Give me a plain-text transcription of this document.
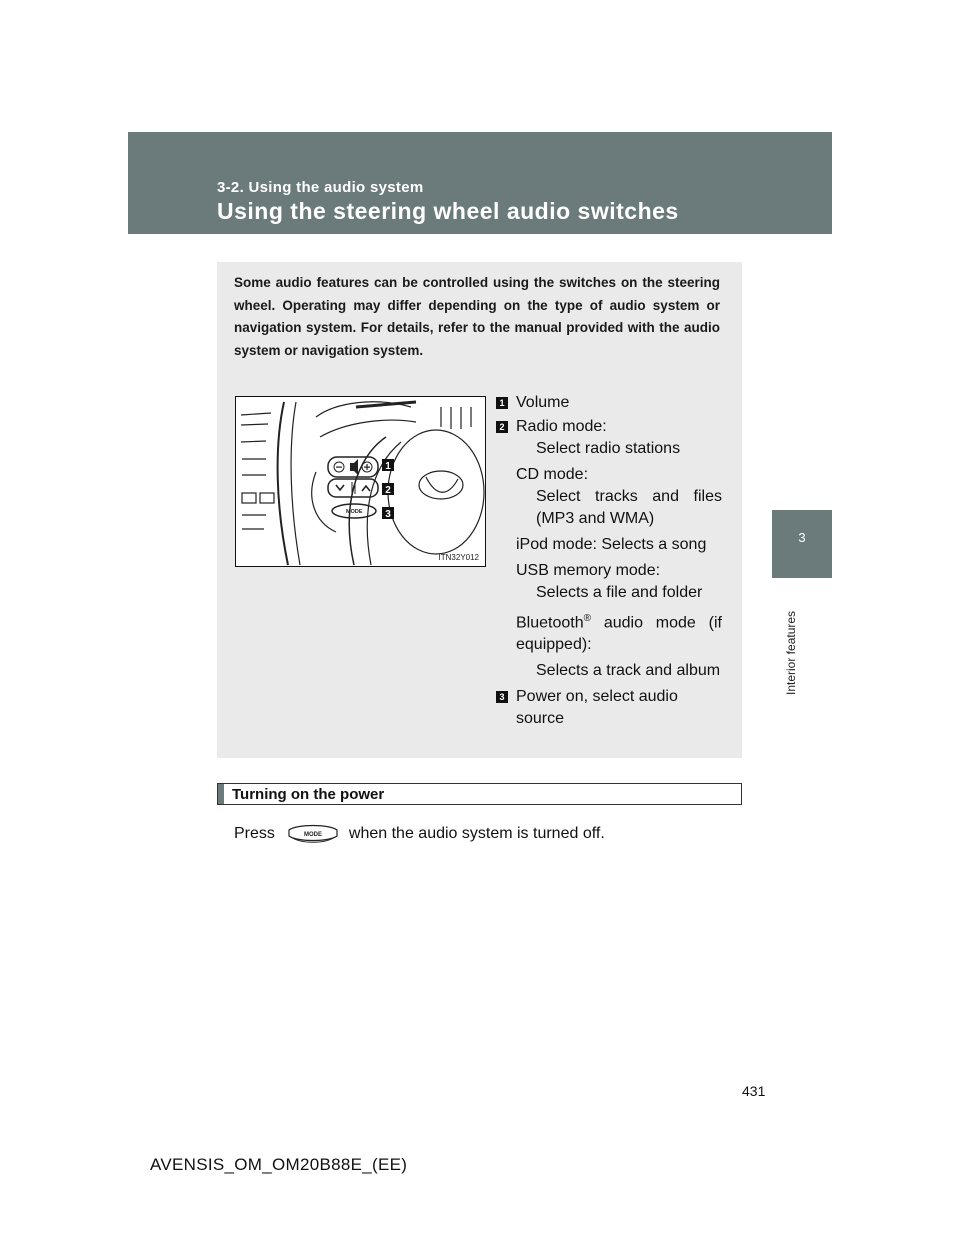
3-2. Using the audio system
Using the steering wheel audio switches
3
Interior features
Some audio features can be controlled using the switches on the steering wheel. Operating may differ depending on the type of audio system or navigation system. For details, refer to the manual provided with the audio system or navigation system.
MODE
1
2
3
ITN32Y012
1 Volume
2 Radio mode:
Select radio stations
CD mode:
Select tracks and files (MP3 and WMA)
iPod mode: Selects a song
USB memory mode:
Selects a file and folder
Bluetooth® audio mode (if equipped):
Selects a track and album
3 Power on, select audio source
Turning on the power
Press	MODE when the audio system is turned off.
431
AVENSIS_OM_OM20B88E_(EE)
